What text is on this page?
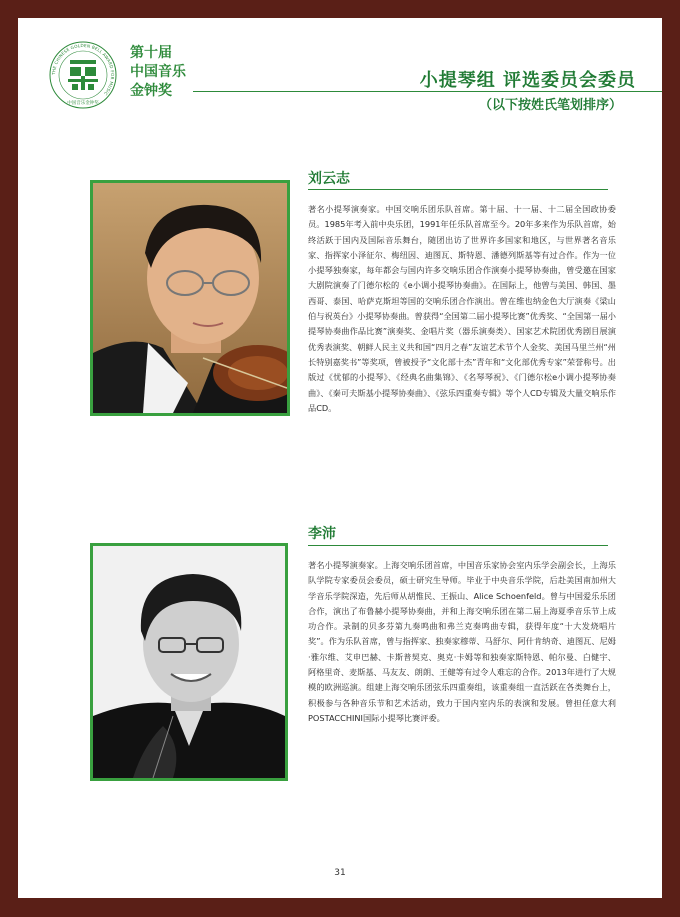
THE CHINESE GOLDEN BELL AWARD FOR MUSIC
中国音乐金钟奖
第十届
中国音乐
金钟奖	小提琴组 评选委员会委员
（以下按姓氏笔划排序）
刘云志
著名小提琴演奏家。中国交响乐团乐队首席。第十届、十一届、十二届全国政协委员。1985年考入前中央乐团，1991年任乐队首席至今。20年多来作为乐队首席，始终活跃于国内及国际音乐舞台，随团出访了世界许多国家和地区，与世界著名音乐家、指挥家小泽征尔、梅纽因、迪图瓦、斯特恩、潘德列斯基等有过合作。作为一位小提琴独奏家，每年都会与国内许多交响乐团合作演奏小提琴协奏曲，曾受邀在国家大剧院演奏了门德尔松的《e小调小提琴协奏曲》。在国际上，他曾与美国、韩国、墨西哥、泰国、哈萨克斯坦等国的交响乐团合作演出。曾在维也纳金色大厅演奏《梁山伯与祝英台》小提琴协奏曲。曾获得“全国第二届小提琴比赛”优秀奖、“全国第一届小提琴协奏曲作品比赛”演奏奖、金唱片奖（器乐演奏类）、国家艺术院团优秀剧目展演优秀表演奖、朝鲜人民主义共和国“四月之春”友谊艺术节个人金奖、美国马里兰州“州长特别嘉奖书”等奖项，曾被授予“文化部十杰”青年和“文化部优秀专家”荣誉称号。出版过《忧郁的小提琴》、《经典名曲集锦》、《名琴琴祝》、《门德尔松e小调小提琴协奏曲》、《秦可夫斯基小提琴协奏曲》、《弦乐四重奏专辑》等个人CD专辑及大量交响乐作品CD。
李沛
著名小提琴演奏家。上海交响乐团首席，中国音乐家协会室内乐学会副会长，上海乐队学院专家委员会委员，硕士研究生导师。毕业于中央音乐学院，后赴美国南加州大学音乐学院深造，先后师从胡惟民、王振山、Alice Schoenfeld。曾与中国爱乐乐团合作，演出了布鲁赫小提琴协奏曲，并和上海交响乐团在第二届上海夏季音乐节上成功合作。录制的贝多芬第九奏鸣曲和弗兰克奏鸣曲专辑，获得年度“十大发烧唱片奖”。作为乐队首席，曾与指挥家、独奏家穆蒂、马舒尔、阿什肯纳奇、迪图瓦、尼姆·雅尔维、艾申巴赫、卡斯普契克、奥克·卡姆等和独奏家斯特恩、帕尔曼、白健宇、阿格里奇、麦斯基、马友友、朗朗、王健等有过令人难忘的合作。2013年进行了大规模的欧洲巡演。组建上海交响乐团弦乐四重奏组，该重奏组一直活跃在各类舞台上，积极参与各种音乐节和艺术活动，致力于国内室内乐的表演和发展。曾担任意大利POSTACCHINI国际小提琴比赛评委。
31
